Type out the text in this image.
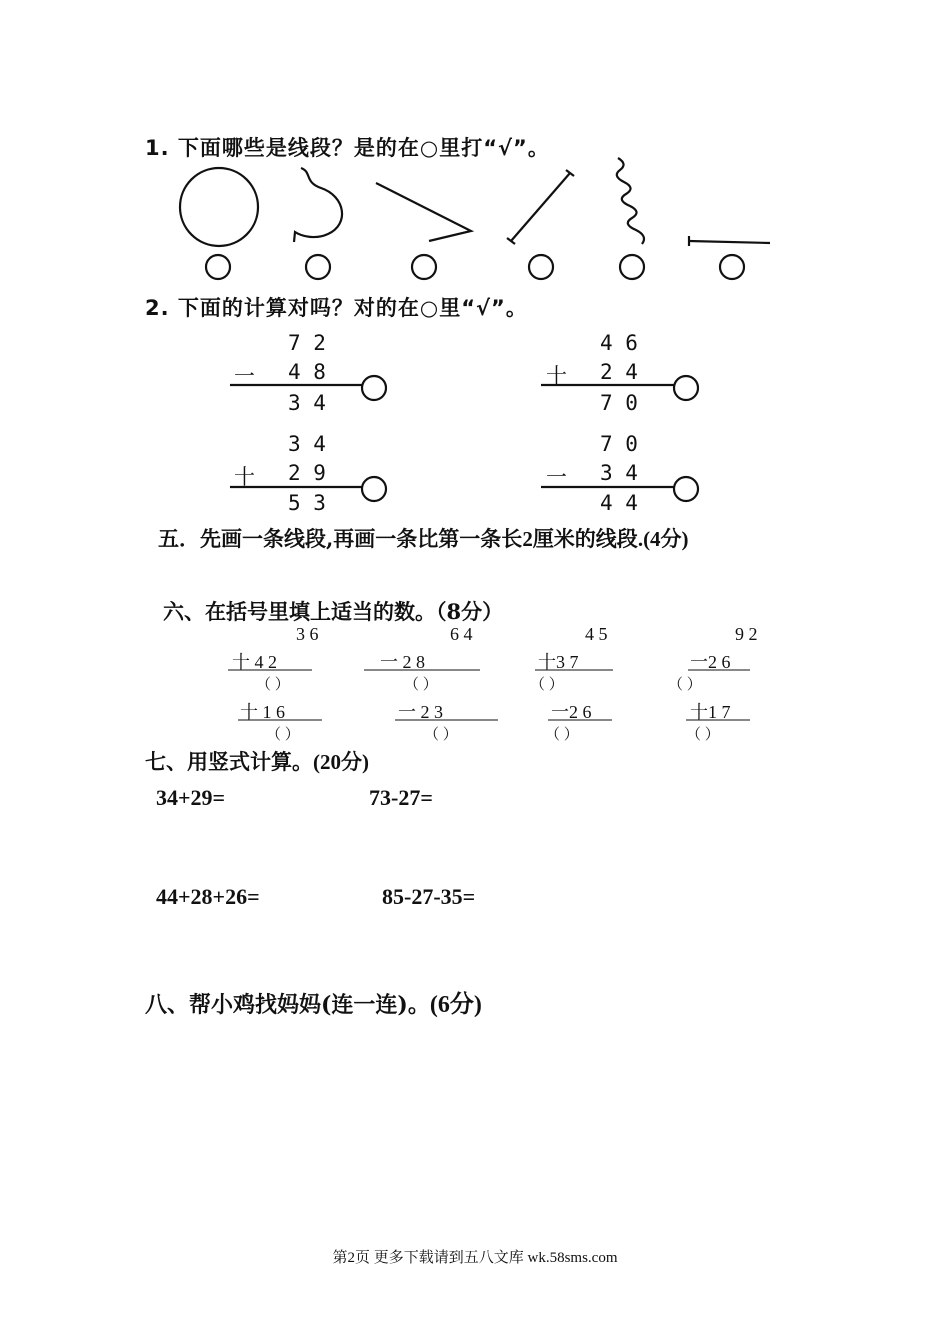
1. 下面哪些是线段？是的在○里打“√”。
2. 下面的计算对吗？对的在○里“√”。
7 2
一 4 8
3 4
4 6
十 2 4
7 0
3 4
十 2 9
5 3
7 0
一 3 4
4 4
五．先画一条线段,再画一条比第一条长2厘米的线段.(4分)
六、在括号里填上适当的数。（8分）
3 6	6 4	4 5	9 2
十 4 2	一 2 8	十3 7	一2 6
（ ）	（ ）	（ ）	（ ）
十 1 6	一 2 3	一2 6	十1 7
（ ）	（ ）	（ ）	（ ）
七、用竖式计算。(20分)
34+29=	73-27=
44+28+26=	85-27-35=
八、帮小鸡找妈妈(连一连)。(6分)
第2页 更多下载请到五八文库 wk.58sms.com
